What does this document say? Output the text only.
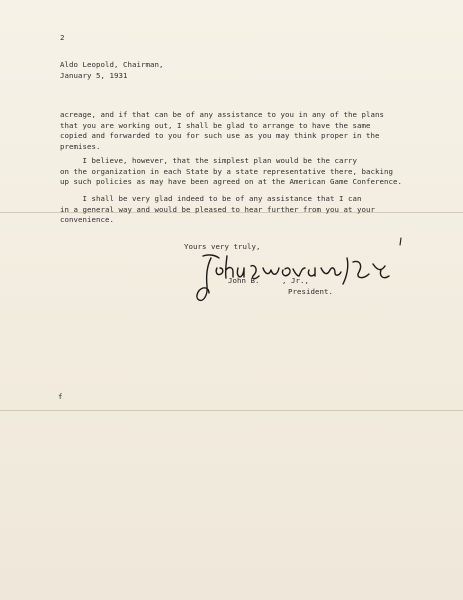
2
Aldo Leopold, Chairman,
January 5, 1931
acreage, and if that can be of any assistance to you in any of the plans
that you are working out, I shall be glad to arrange to have the same
copied and forwarded to you for such use as you may think proper in the
premises.
I believe, however, that the simplest plan would be the carry
on the organization in each State by a state representative there, backing
up such policies as may have been agreed on at the American Game Conference.
I shall be very glad indeed to be of any assistance that I can
in a general way and would be pleased to hear further from you at your
convenience.
Yours very truly,
John B.     , Jr.,
President.
f
